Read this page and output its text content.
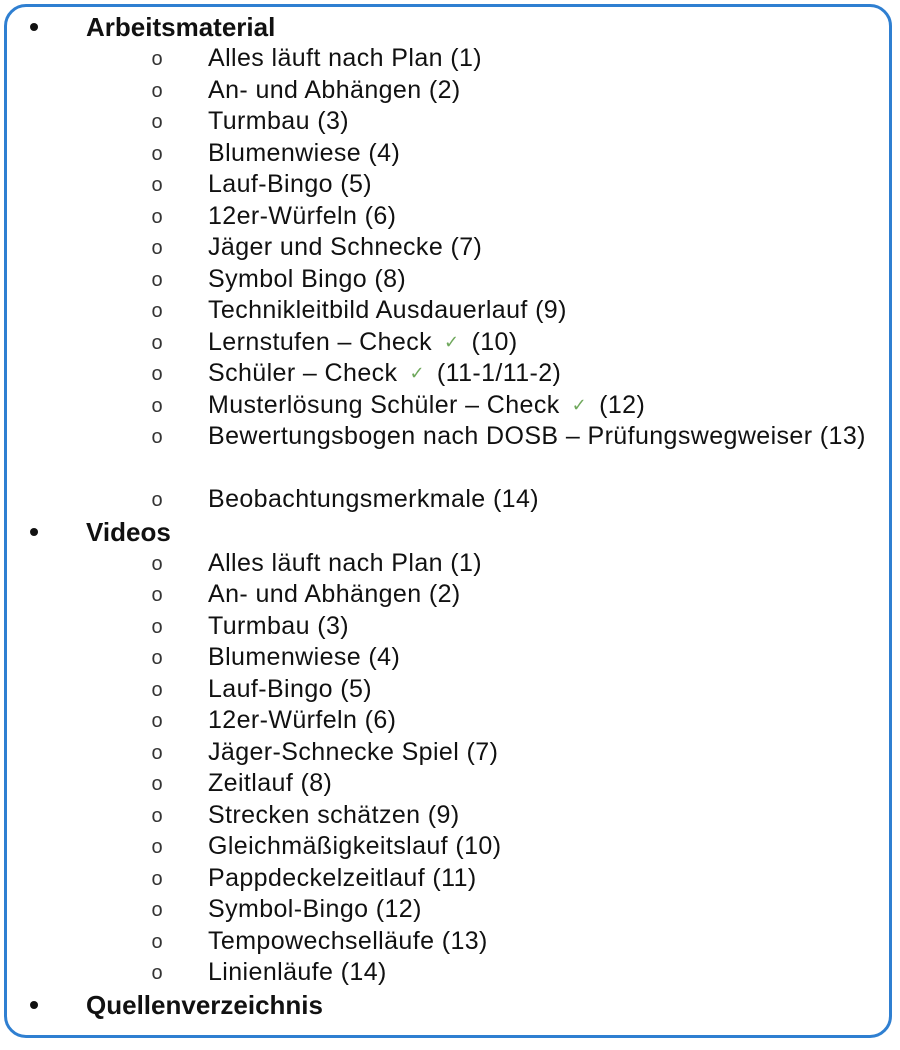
• Arbeitsmaterial
o Alles läuft nach Plan (1)
o An- und Abhängen (2)
o Turmbau (3)
o Blumenwiese (4)
o Lauf-Bingo (5)
o 12er-Würfeln (6)
o Jäger und Schnecke (7)
o Symbol Bingo (8)
o Technikleitbild Ausdauerlauf (9)
o Lernstufen – Check ✓ (10)
o Schüler – Check ✓ (11-1/11-2)
o Musterlösung Schüler – Check ✓ (12)
o Bewertungsbogen nach DOSB – Prüfungswegweiser (13)
o Beobachtungsmerkmale (14)
• Videos
o Alles läuft nach Plan (1)
o An- und Abhängen (2)
o Turmbau (3)
o Blumenwiese (4)
o Lauf-Bingo (5)
o 12er-Würfeln (6)
o Jäger-Schnecke Spiel (7)
o Zeitlauf (8)
o Strecken schätzen (9)
o Gleichmäßigkeitslauf (10)
o Pappdeckelzeitlauf (11)
o Symbol-Bingo (12)
o Tempowechselläufe (13)
o Linienläufe (14)
• Quellenverzeichnis
